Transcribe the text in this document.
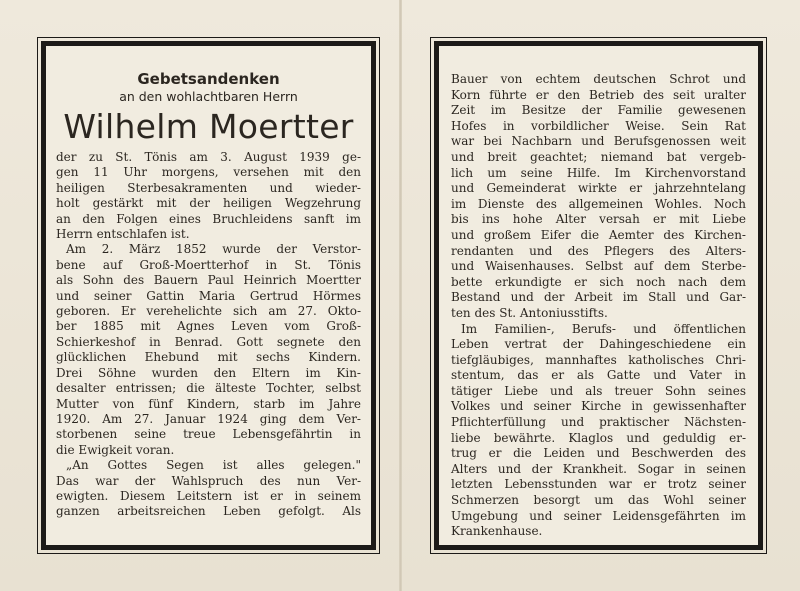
Gebetsandenken
an den wohlachtbaren Herrn
Wilhelm Moertter

der zu St. Tönis am 3. August 1939 ge-
gen 11 Uhr morgens, versehen mit den
heiligen Sterbesakramenten und wieder-
holt gestärkt mit der heiligen Wegzehrung
an den Folgen eines Bruchleidens sanft im
Herrn entschlafen ist.

Am 2. März 1852 wurde der Verstor-
bene auf Groß-Moertterhof in St. Tönis
als Sohn des Bauern Paul Heinrich Moertter
und seiner Gattin Maria Gertrud Hörmes
geboren. Er verehelichte sich am 27. Okto-
ber 1885 mit Agnes Leven vom Groß-
Schierkeshof in Benrad. Gott segnete den
glücklichen Ehebund mit sechs Kindern.
Drei Söhne wurden den Eltern im Kin-
desalter entrissen; die älteste Tochter, selbst
Mutter von fünf Kindern, starb im Jahre
1920. Am 27. Januar 1924 ging dem Ver-
storbenen seine treue Lebensgefährtin in
die Ewigkeit voran.

„An Gottes Segen ist alles gelegen."
Das war der Wahlspruch des nun Ver-
ewigten. Diesem Leitstern ist er in seinem
ganzen arbeitsreichen Leben gefolgt. Als

Bauer von echtem deutschen Schrot und
Korn führte er den Betrieb des seit uralter
Zeit im Besitze der Familie gewesenen
Hofes in vorbildlicher Weise. Sein Rat
war bei Nachbarn und Berufsgenossen weit
und breit geachtet; niemand bat vergeb-
lich um seine Hilfe. Im Kirchenvorstand
und Gemeinderat wirkte er jahrzehntelang
im Dienste des allgemeinen Wohles. Noch
bis ins hohe Alter versah er mit Liebe
und großem Eifer die Aemter des Kirchen-
rendanten und des Pflegers des Alters-
und Waisenhauses. Selbst auf dem Sterbe-
bette erkundigte er sich noch nach dem
Bestand und der Arbeit im Stall und Gar-
ten des St. Antoniusstifts.

Im Familien-, Berufs- und öffentlichen
Leben vertrat der Dahingeschiedene ein
tiefgläubiges, mannhaftes katholisches Chri-
stentum, das er als Gatte und Vater in
tätiger Liebe und als treuer Sohn seines
Volkes und seiner Kirche in gewissenhafter
Pflichterfüllung und praktischer Nächsten-
liebe bewährte. Klaglos und geduldig er-
trug er die Leiden und Beschwerden des
Alters und der Krankheit. Sogar in seinen
letzten Lebensstunden war er trotz seiner
Schmerzen besorgt um das Wohl seiner
Umgebung und seiner Leidensgefährten im
Krankenhause.
